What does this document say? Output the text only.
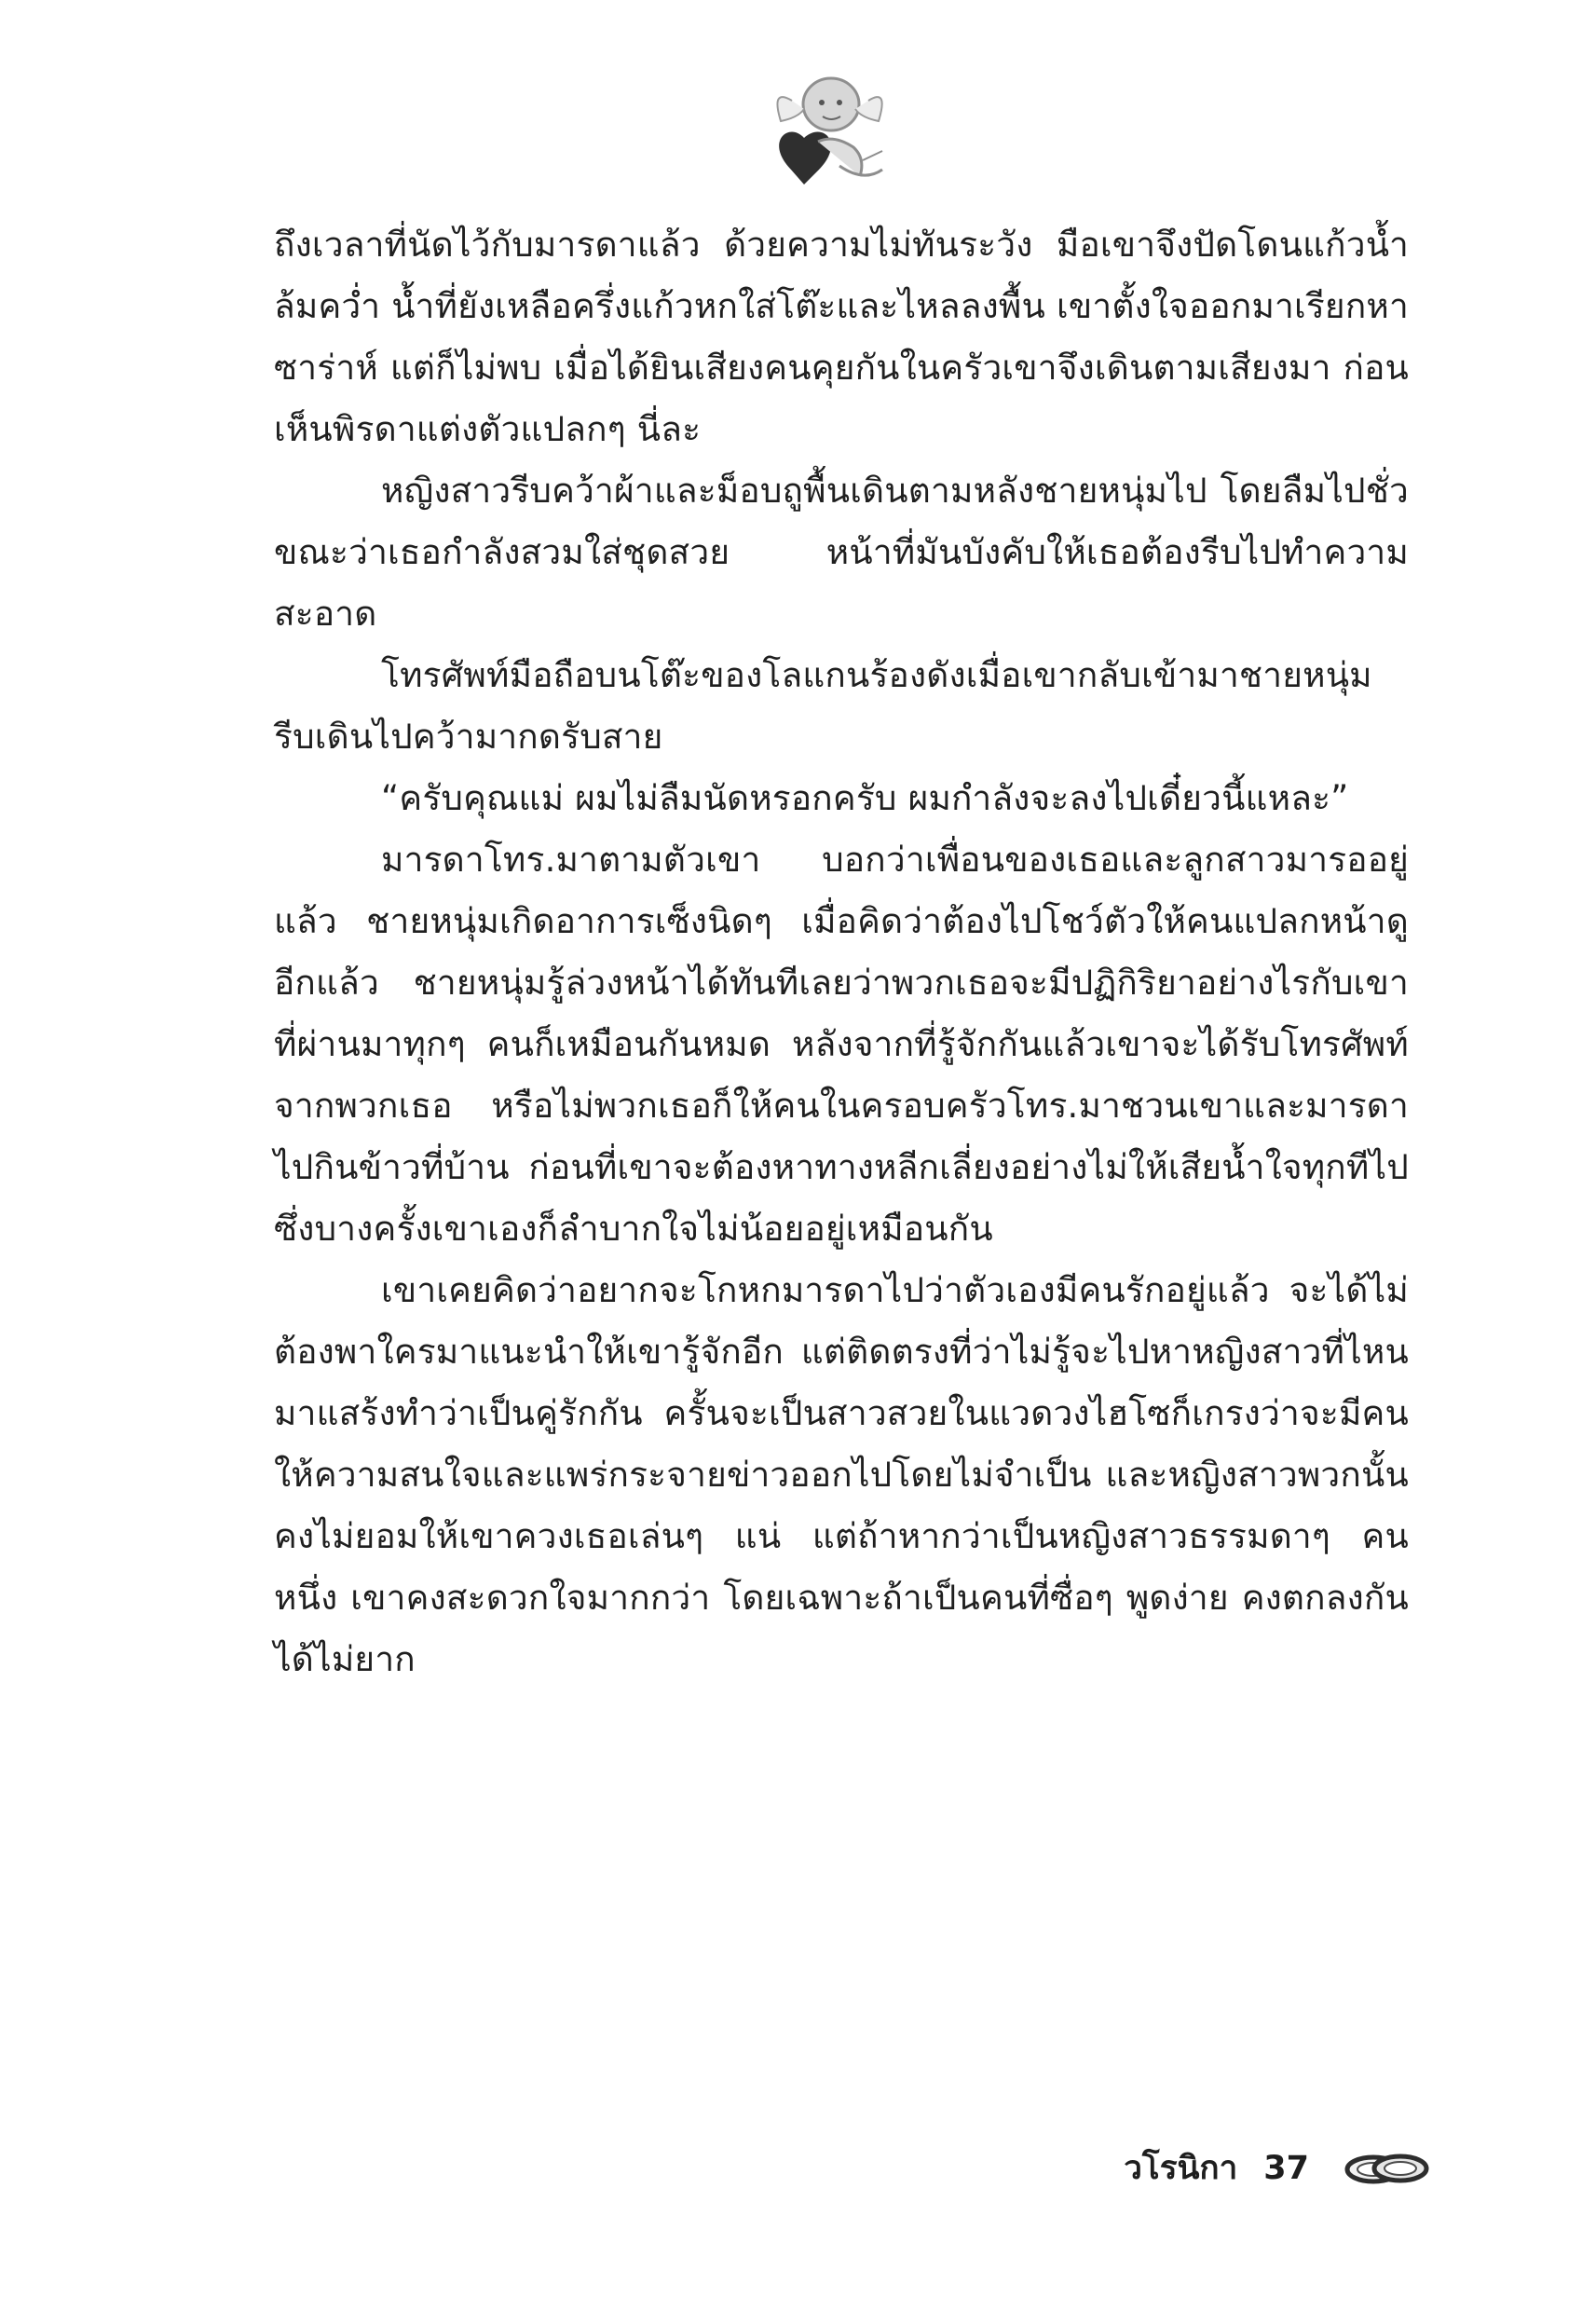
ถึงเวลาที่นัดไว้กับมารดาแล้ว ด้วยความไม่ทันระวัง มือเขาจึงปัดโดนแก้วน้ำล้มคว่ำ น้ำที่ยังเหลือครึ่งแก้วหกใส่โต๊ะและไหลลงพื้น เขาตั้งใจออกมาเรียกหาซาร่าห์ แต่ก็ไม่พบ เมื่อได้ยินเสียงคนคุยกันในครัวเขาจึงเดินตามเสียงมา ก่อนเห็นพิรดาแต่งตัวแปลกๆ นี่ละ

หญิงสาวรีบคว้าผ้าและม็อบถูพื้นเดินตามหลังชายหนุ่มไป โดยลืมไปชั่วขณะว่าเธอกำลังสวมใส่ชุดสวย หน้าที่มันบังคับให้เธอต้องรีบไปทำความสะอาด

โทรศัพท์มือถือบนโต๊ะของโลแกนร้องดังเมื่อเขากลับเข้ามาชายหนุ่มรีบเดินไปคว้ามากดรับสาย

“ครับคุณแม่ ผมไม่ลืมนัดหรอกครับ ผมกำลังจะลงไปเดี๋ยวนี้แหละ”

มารดาโทร.มาตามตัวเขา บอกว่าเพื่อนของเธอและลูกสาวมารออยู่แล้ว ชายหนุ่มเกิดอาการเซ็งนิดๆ เมื่อคิดว่าต้องไปโชว์ตัวให้คนแปลกหน้าดูอีกแล้ว ชายหนุ่มรู้ล่วงหน้าได้ทันทีเลยว่าพวกเธอจะมีปฏิกิริยาอย่างไรกับเขา ที่ผ่านมาทุกๆ คนก็เหมือนกันหมด หลังจากที่รู้จักกันแล้วเขาจะได้รับโทรศัพท์จากพวกเธอ หรือไม่พวกเธอก็ให้คนในครอบครัวโทร.มาชวนเขาและมารดาไปกินข้าวที่บ้าน ก่อนที่เขาจะต้องหาทางหลีกเลี่ยงอย่างไม่ให้เสียน้ำใจทุกทีไป ซึ่งบางครั้งเขาเองก็ลำบากใจไม่น้อยอยู่เหมือนกัน

เขาเคยคิดว่าอยากจะโกหกมารดาไปว่าตัวเองมีคนรักอยู่แล้ว จะได้ไม่ต้องพาใครมาแนะนำให้เขารู้จักอีก แต่ติดตรงที่ว่าไม่รู้จะไปหาหญิงสาวที่ไหนมาแสร้งทำว่าเป็นคู่รักกัน ครั้นจะเป็นสาวสวยในแวดวงไฮโซก็เกรงว่าจะมีคนให้ความสนใจและแพร่กระจายข่าวออกไปโดยไม่จำเป็น และหญิงสาวพวกนั้นคงไม่ยอมให้เขาควงเธอเล่นๆ แน่ แต่ถ้าหากว่าเป็นหญิงสาวธรรมดาๆ คนหนึ่ง เขาคงสะดวกใจมากกว่า โดยเฉพาะถ้าเป็นคนที่ซื่อๆ พูดง่าย คงตกลงกันได้ไม่ยาก

วโรนิกา 37
